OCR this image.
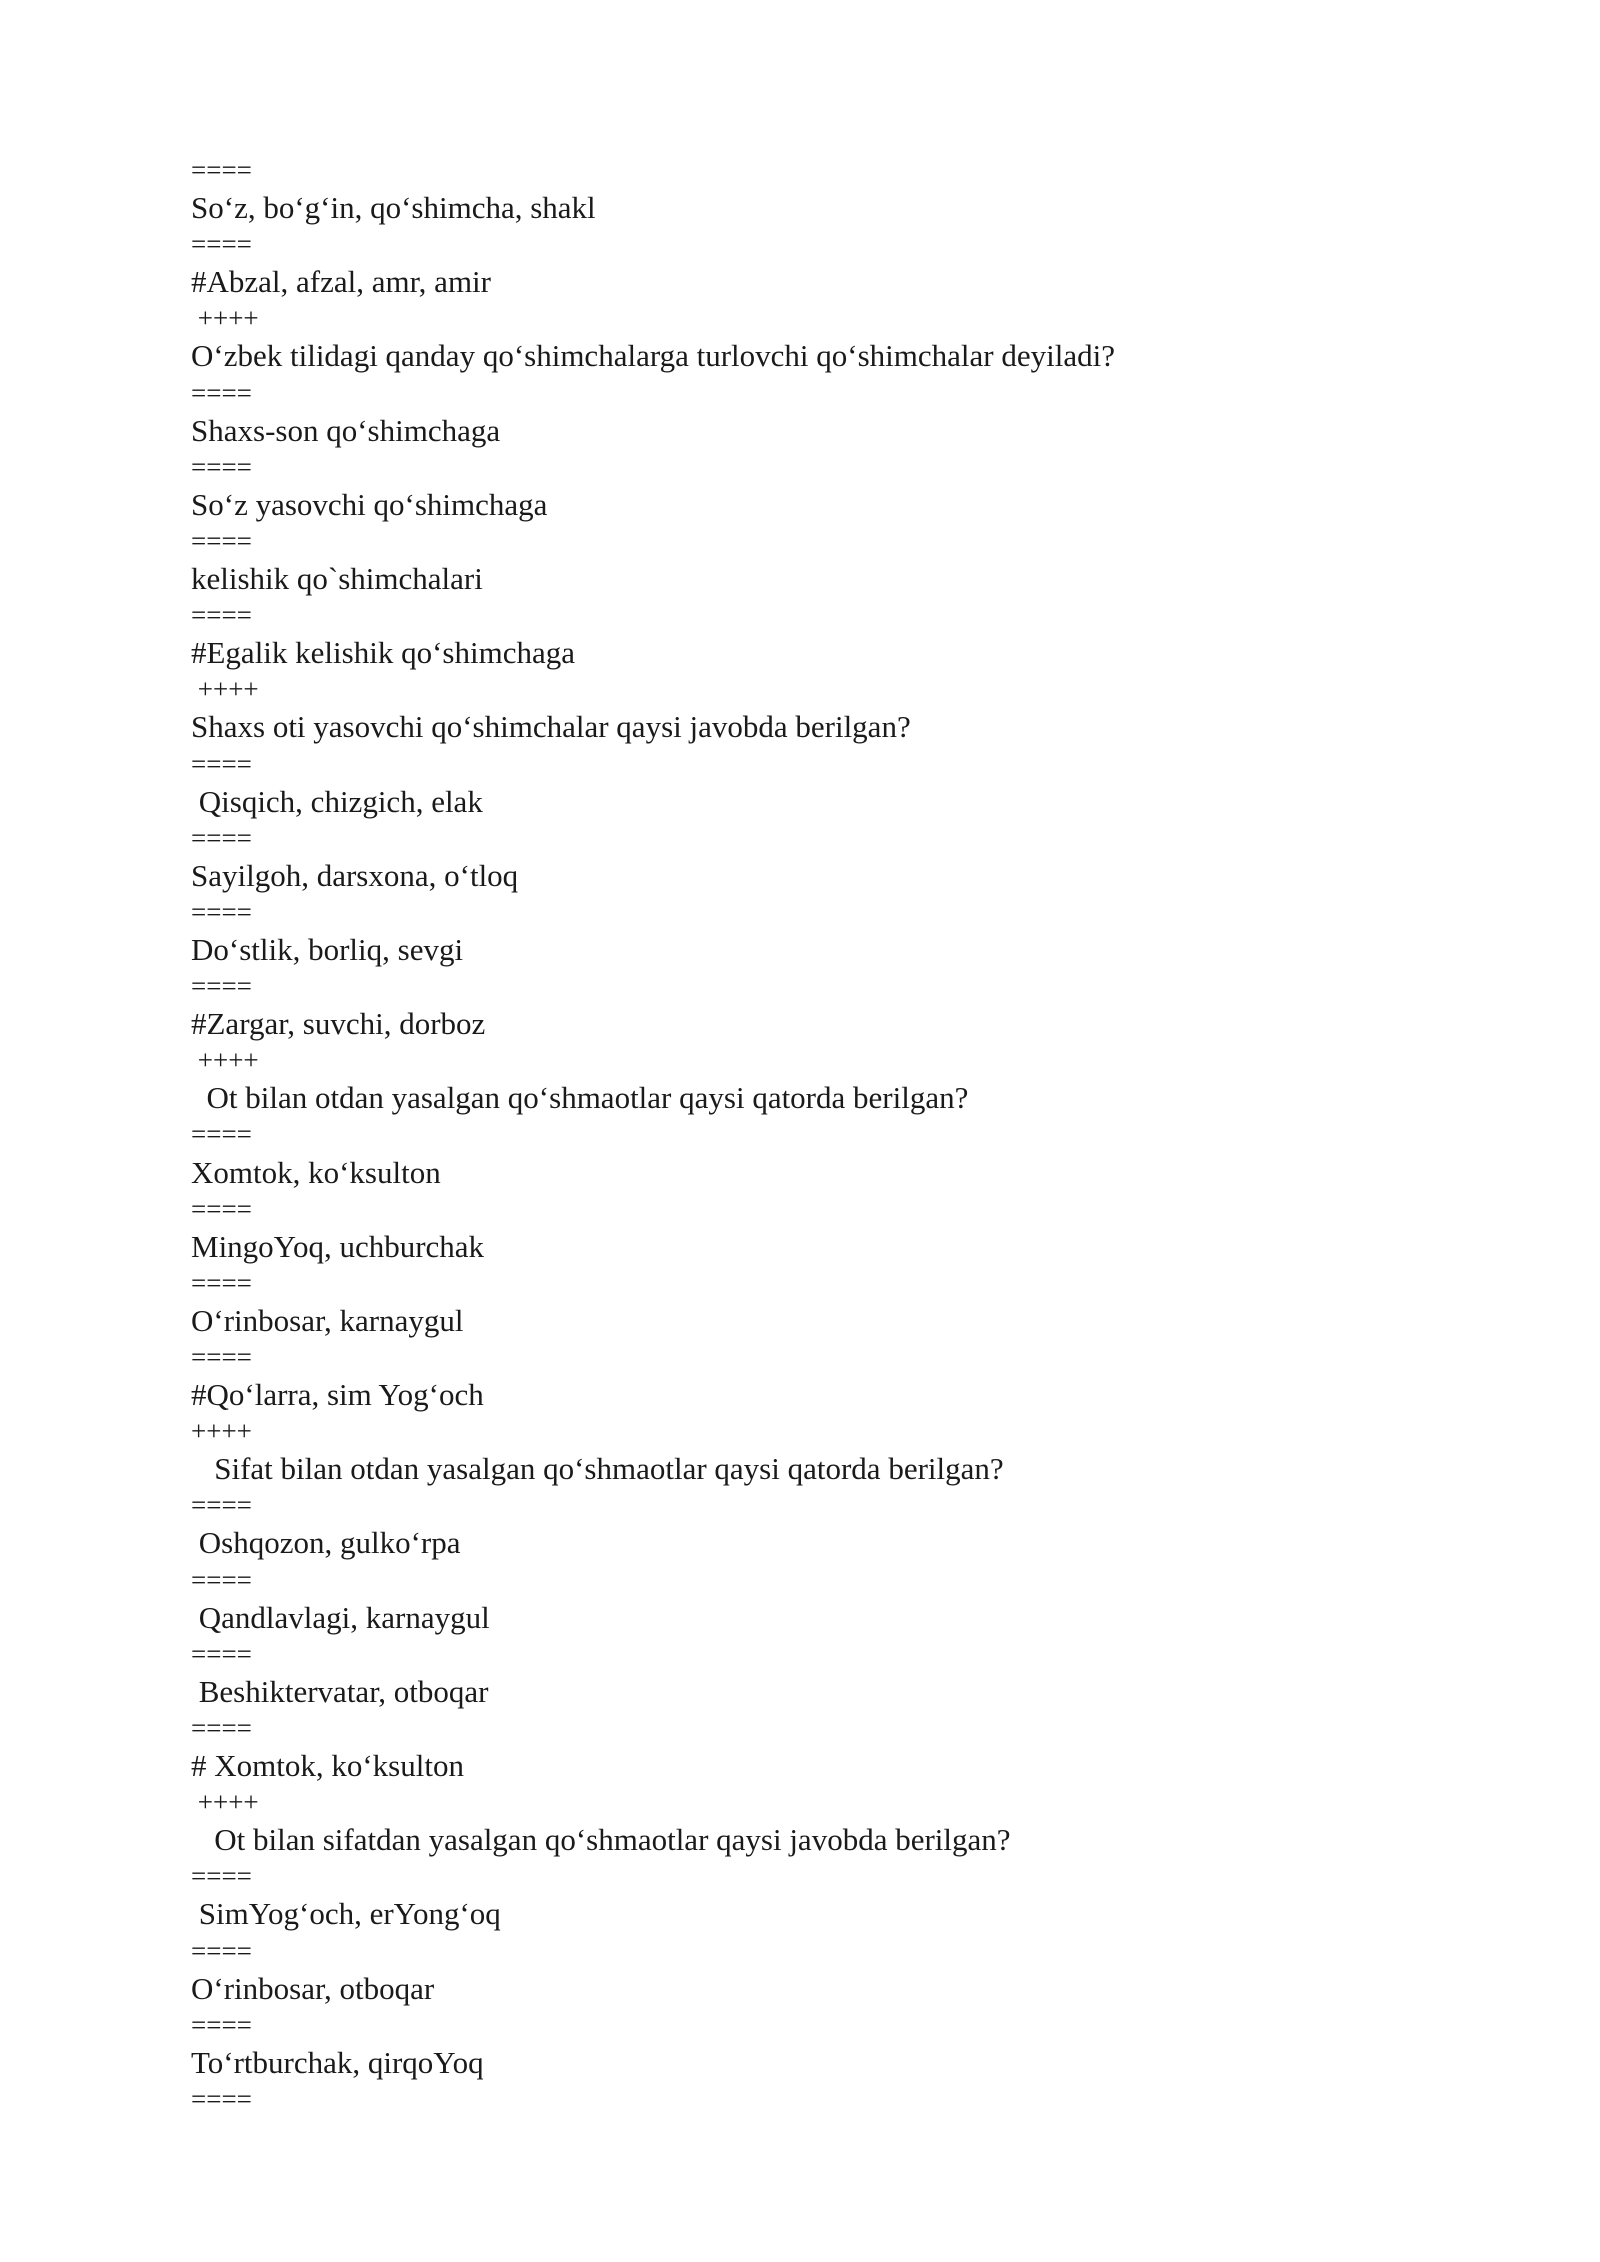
====
So‘z, bo‘g‘in, qo‘shimcha, shakl
====
#Abzal, afzal, amr, amir
++++
O‘zbek tilidagi qanday qo‘shimchalarga turlovchi qo‘shimchalar deyiladi?
====
Shaxs-son qo‘shimchaga
====
So‘z yasovchi qo‘shimchaga
====
kelishik qo`shimchalari
====
#Egalik kelishik qo‘shimchaga
++++
Shaxs oti yasovchi qo‘shimchalar qaysi javobda berilgan?
====
Qisqich, chizgich, elak
====
Sayilgoh, darsxona, o‘tloq
====
Do‘stlik, borliq, sevgi
====
#Zargar, suvchi, dorboz
++++
Ot bilan otdan yasalgan qo‘shmaotlar qaysi qatorda berilgan?
====
Xomtok, ko‘ksulton
====
MingoYoq, uchburchak
====
O‘rinbosar, karnaygul
====
#Qo‘larra, sim Yog‘och
++++
Sifat bilan otdan yasalgan qo‘shmaotlar qaysi qatorda berilgan?
====
Oshqozon, gulko‘rpa
====
Qandlavlagi, karnaygul
====
Beshiktervatar, otboqar
====
# Xomtok, ko‘ksulton
++++
Ot bilan sifatdan yasalgan qo‘shmaotlar qaysi javobda berilgan?
====
SimYog‘och, erYong‘oq
====
O‘rinbosar, otboqar
====
To‘rtburchak, qirqoYoq
====
